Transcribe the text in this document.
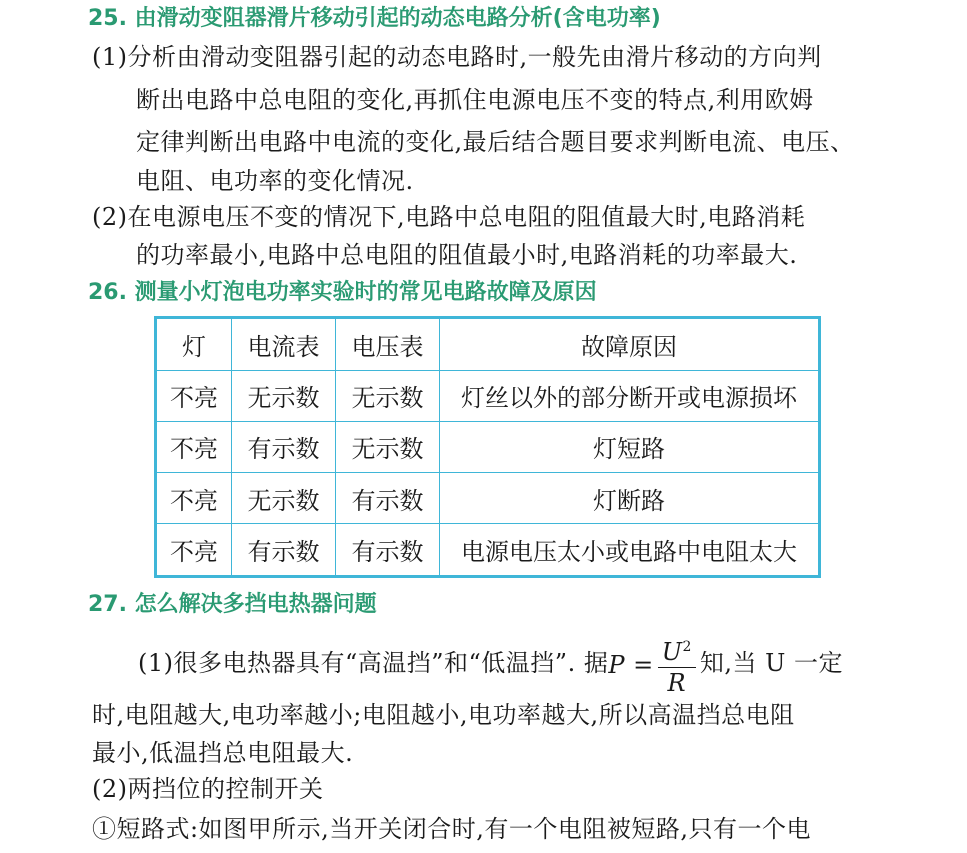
25. 由滑动变阻器滑片移动引起的动态电路分析(含电功率)
(1)分析由滑动变阻器引起的动态电路时,一般先由滑片移动的方向判
断出电路中总电阻的变化,再抓住电源电压不变的特点,利用欧姆
定律判断出电路中电流的变化,最后结合题目要求判断电流、电压、
电阻、电功率的变化情况.
(2)在电源电压不变的情况下,电路中总电阻的阻值最大时,电路消耗
的功率最小,电路中总电阻的阻值最小时,电路消耗的功率最大.
26. 测量小灯泡电功率实验时的常见电路故障及原因
灯	电流表	电压表	故障原因
不亮	无示数	无示数	灯丝以外的部分断开或电源损坏
不亮	有示数	无示数	灯短路
不亮	无示数	有示数	灯断路
不亮	有示数	有示数	电源电压太小或电路中电阻太大
27. 怎么解决多挡电热器问题
(1)很多电热器具有“高温挡”和“低温挡”. 据$P = \frac{U^2}{R}$ 知,当 U 一定
时,电阻越大,电功率越小;电阻越小,电功率越大,所以高温挡总电阻
最小,低温挡总电阻最大.
(2)两挡位的控制开关
①短路式:如图甲所示,当开关闭合时,有一个电阻被短路,只有一个电
